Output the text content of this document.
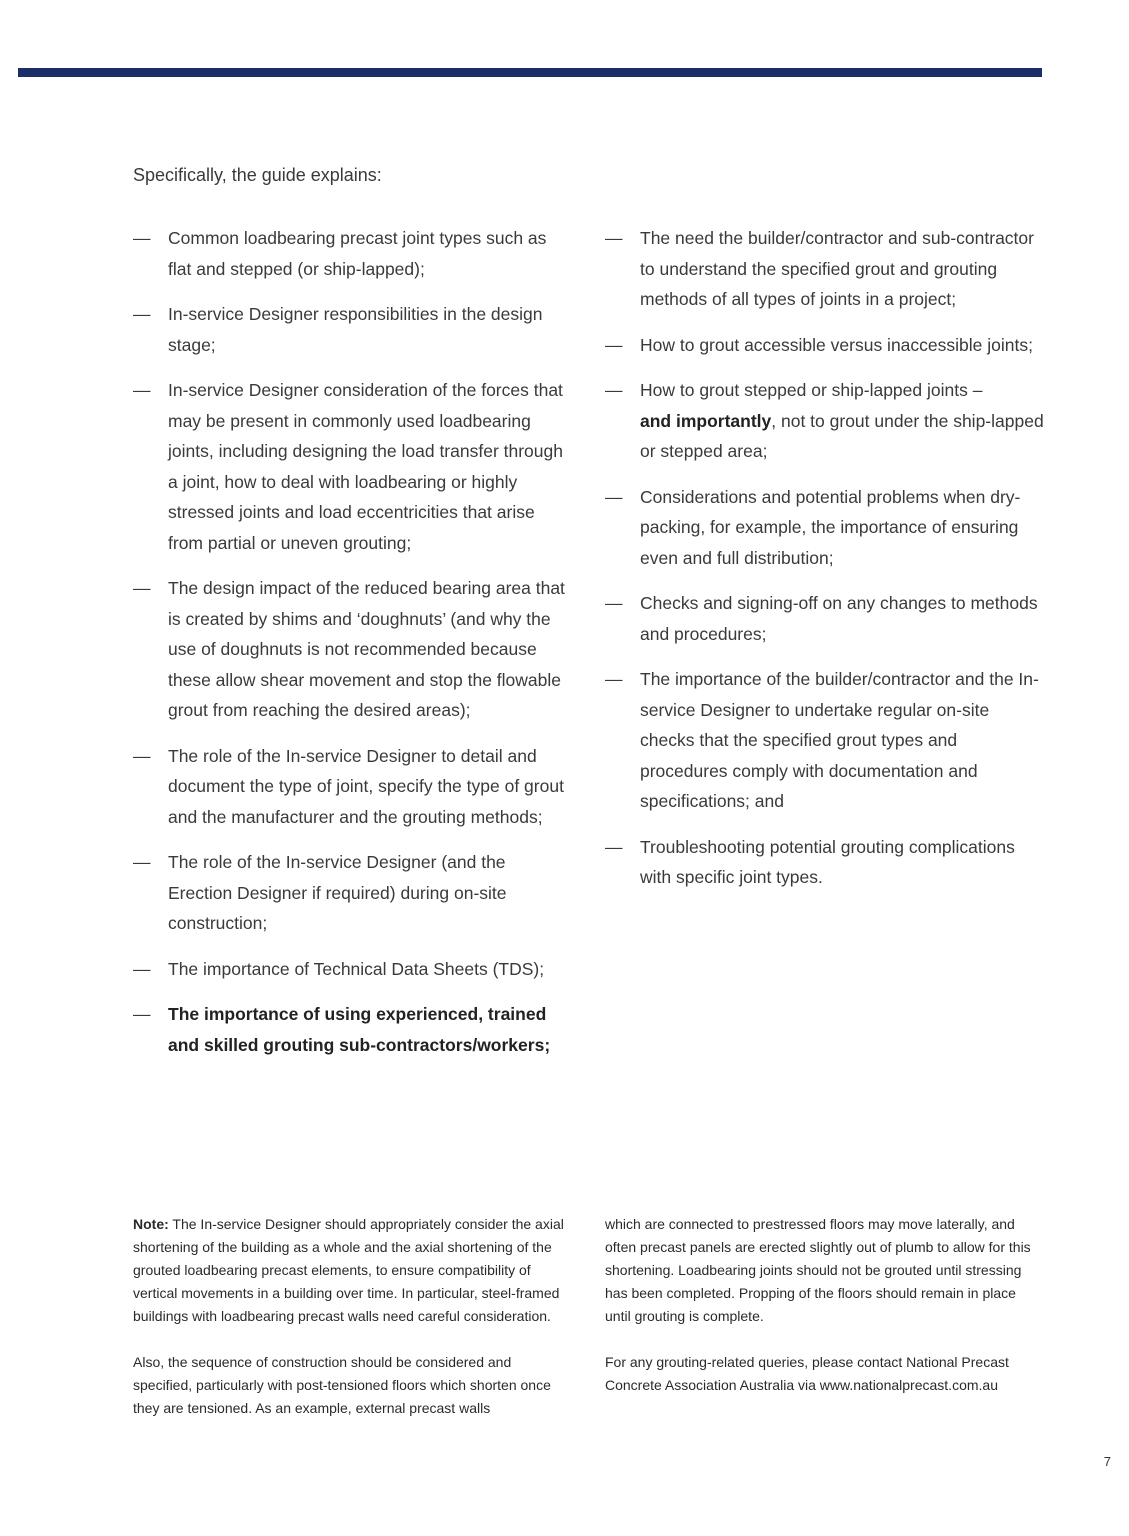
Specifically, the guide explains:
— Common loadbearing precast joint types such as flat and stepped (or ship-lapped);
— In-service Designer responsibilities in the design stage;
— In-service Designer consideration of the forces that may be present in commonly used loadbearing joints, including designing the load transfer through a joint, how to deal with loadbearing or highly stressed joints and load eccentricities that arise from partial or uneven grouting;
— The design impact of the reduced bearing area that is created by shims and ‘doughnuts’ (and why the use of doughnuts is not recommended because these allow shear movement and stop the flowable grout from reaching the desired areas);
— The role of the In-service Designer to detail and document the type of joint, specify the type of grout and the manufacturer and the grouting methods;
— The role of the In-service Designer (and the Erection Designer if required) during on-site construction;
— The importance of Technical Data Sheets (TDS);
— The importance of using experienced, trained and skilled grouting sub-contractors/workers;
— The need the builder/contractor and sub-contractor to understand the specified grout and grouting methods of all types of joints in a project;
— How to grout accessible versus inaccessible joints;
— How to grout stepped or ship-lapped joints –
and importantly, not to grout under the ship-lapped or stepped area;
— Considerations and potential problems when dry-packing, for example, the importance of ensuring even and full distribution;
— Checks and signing-off on any changes to methods and procedures;
— The importance of the builder/contractor and the In-service Designer to undertake regular on-site checks that the specified grout types and procedures comply with documentation and specifications; and
— Troubleshooting potential grouting complications with specific joint types.

Note: The In-service Designer should appropriately consider the axial shortening of the building as a whole and the axial shortening of the grouted loadbearing precast elements, to ensure compatibility of vertical movements in a building over time. In particular, steel-framed buildings with loadbearing precast walls need careful consideration.

Also, the sequence of construction should be considered and specified, particularly with post-tensioned floors which shorten once they are tensioned. As an example, external precast walls

which are connected to prestressed floors may move laterally, and often precast panels are erected slightly out of plumb to allow for this shortening. Loadbearing joints should not be grouted until stressing has been completed. Propping of the floors should remain in place until grouting is complete.

For any grouting-related queries, please contact National Precast Concrete Association Australia via www.nationalprecast.com.au

7
